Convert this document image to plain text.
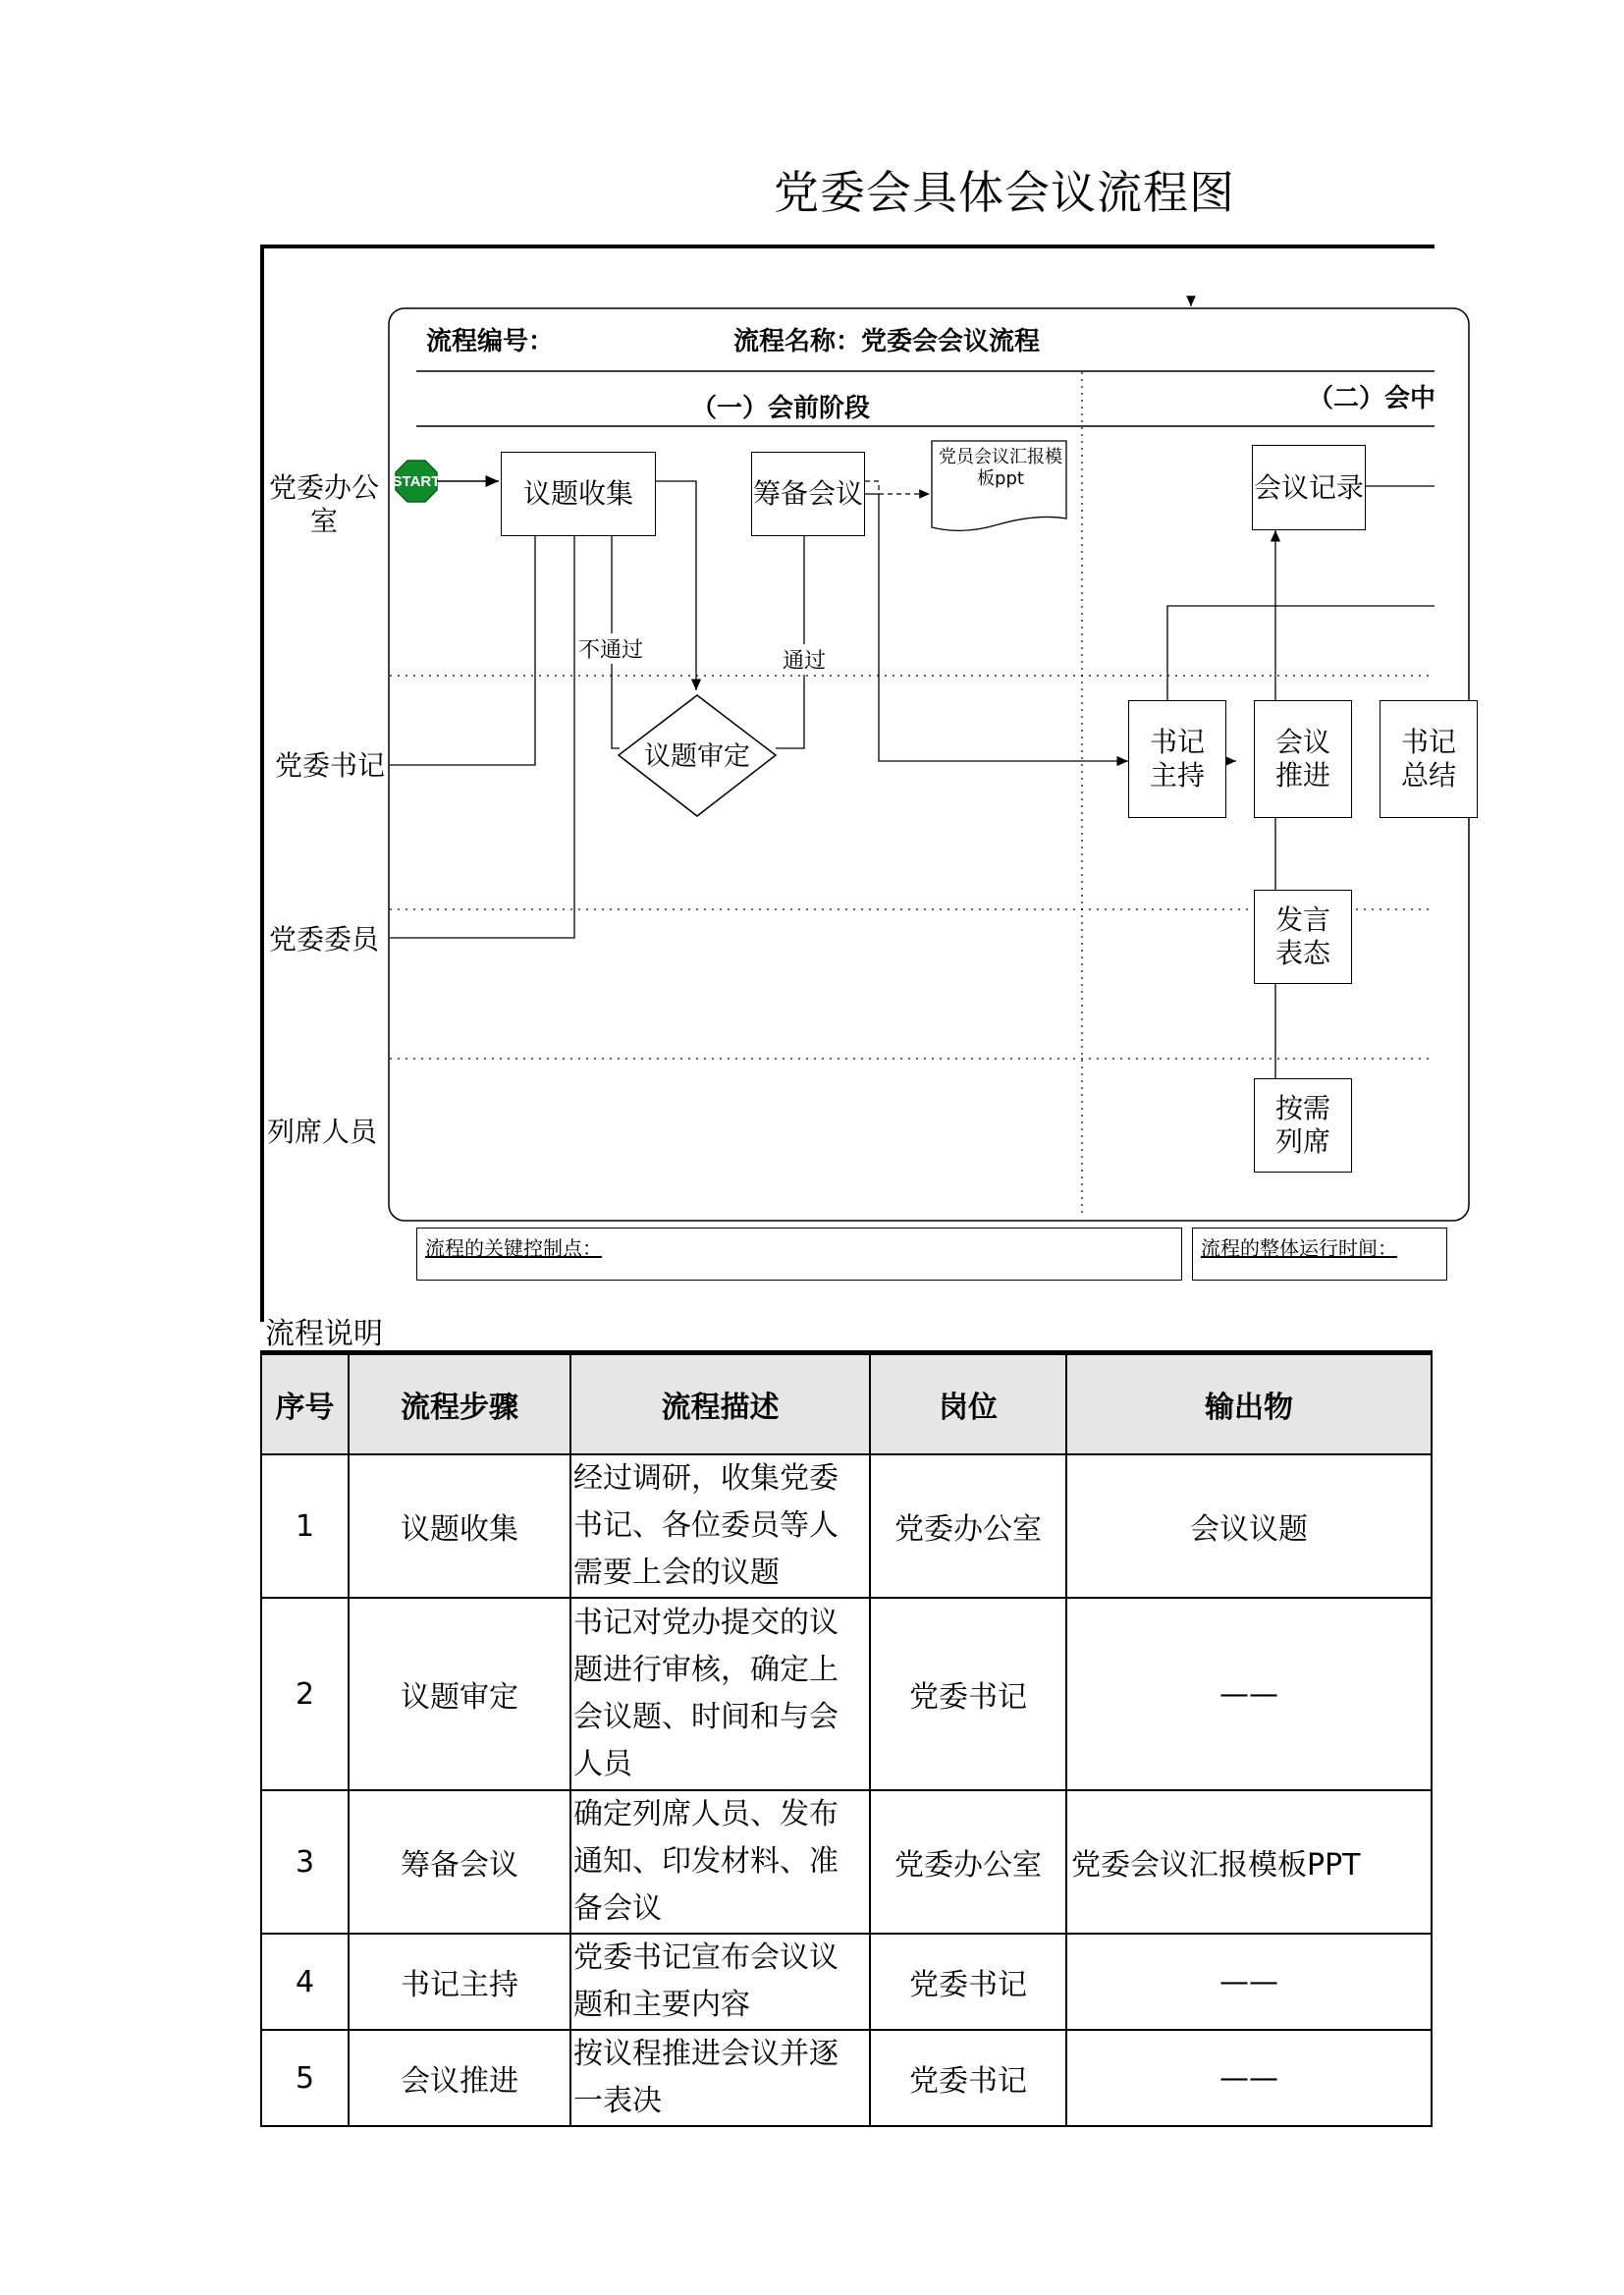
党委会具体会议流程图
START
议题审定
流程编号：	流程名称：党委会会议流程
（一）会前阶段	（二）会中
党委办公室
党委书记
党委委员
列席人员
议题收集	筹备会议
党员会议汇报模板ppt	会议记录
书记主持
会议推进
书记总结
发言表态
按需列席
不通过	通过
流程的关键控制点：	流程的整体运行时间：
流程说明
序号	流程步骤	流程描述	岗位	输出物
1	议题收集	经过调研，收集党委书记、各位委员等人需要上会的议题	党委办公室	会议议题
2	议题审定	书记对党办提交的议题进行审核，确定上会议题、时间和与会人员	党委书记	——
3	筹备会议	确定列席人员、发布通知、印发材料、准备会议	党委办公室	党委会议汇报模板PPT
4	书记主持	党委书记宣布会议议题和主要内容	党委书记	——
5	会议推进	按议程推进会议并逐一表决	党委书记	——
